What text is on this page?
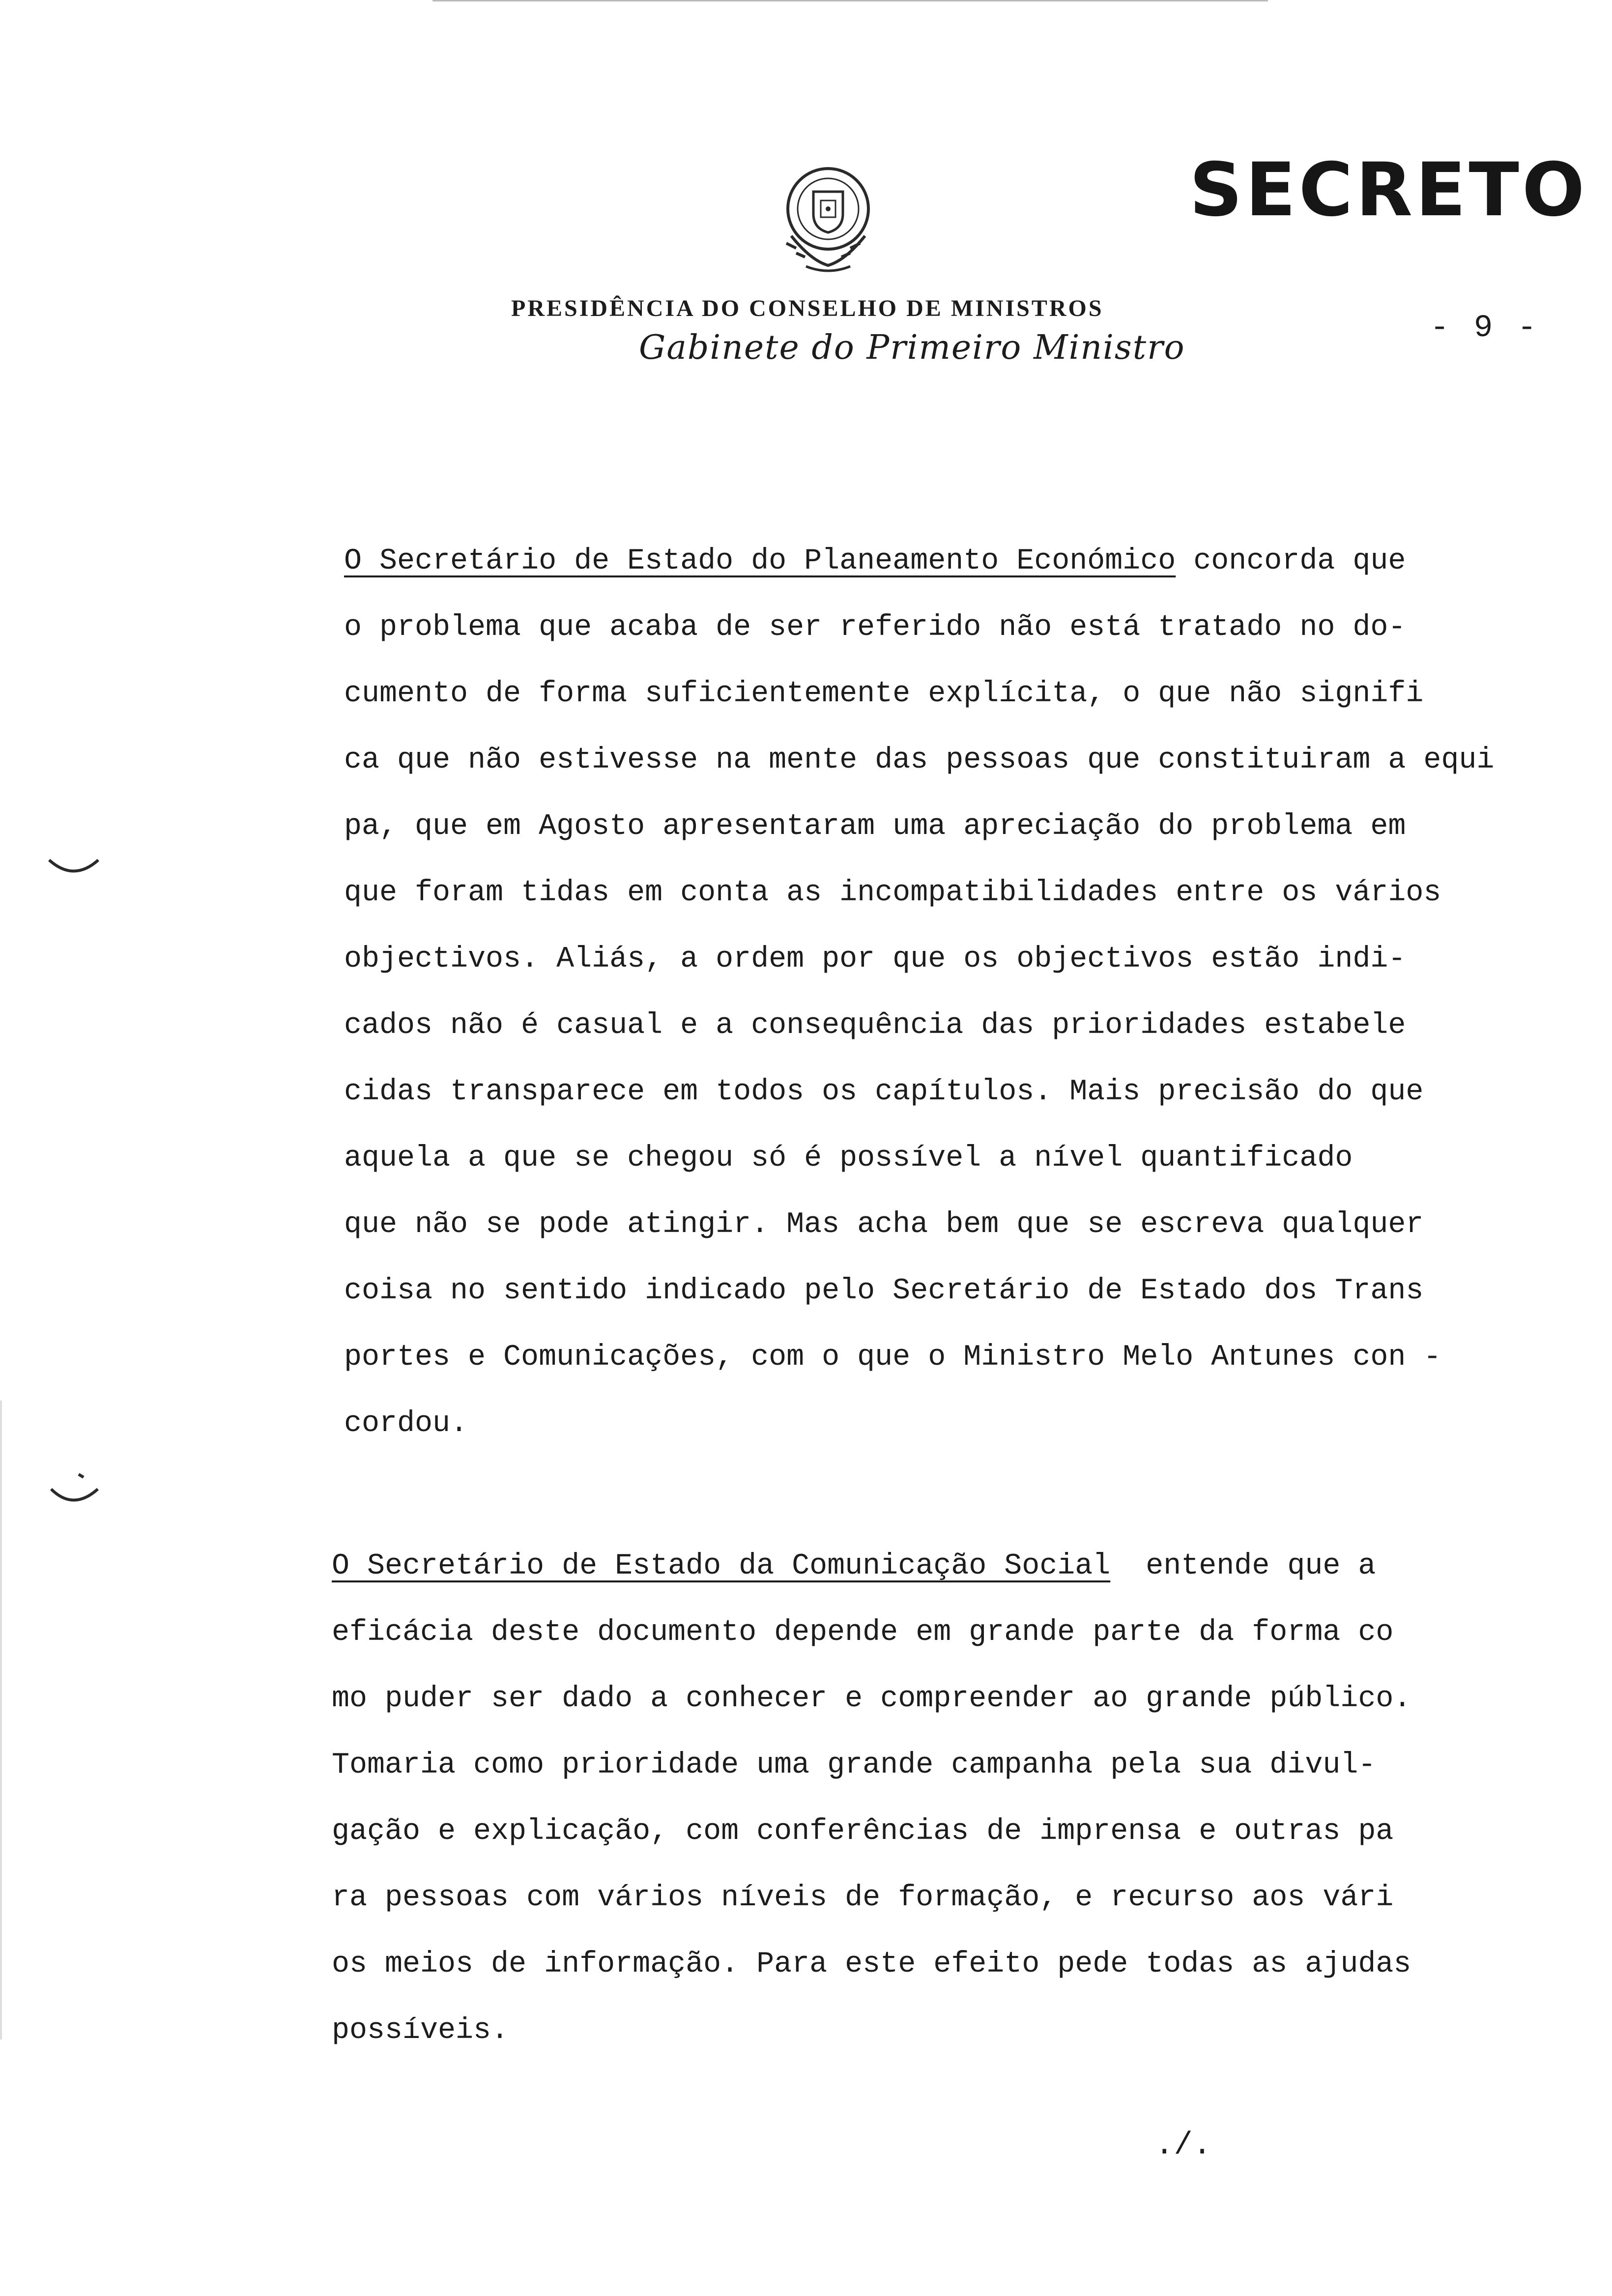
SECRETO
PRESIDÊNCIA DO CONSELHO DE MINISTROS
Gabinete do Primeiro Ministro	- 9 -
O Secretário de Estado do Planeamento Económico concorda que
o problema que acaba de ser referido não está tratado no do-
cumento de forma suficientemente explícita, o que não signifi
ca que não estivesse na mente das pessoas que constituiram a equi
pa, que em Agosto apresentaram uma apreciação do problema em
que foram tidas em conta as incompatibilidades entre os vários
objectivos. Aliás, a ordem por que os objectivos estão indi-
cados não é casual e a consequência das prioridades estabele
cidas transparece em todos os capítulos. Mais precisão do que
aquela a que se chegou só é possível a nível quantificado
que não se pode atingir. Mas acha bem que se escreva qualquer
coisa no sentido indicado pelo Secretário de Estado dos Trans
portes e Comunicações, com o que o Ministro Melo Antunes con -
cordou.
O Secretário de Estado da Comunicação Social  entende que a
eficácia deste documento depende em grande parte da forma co
mo puder ser dado a conhecer e compreender ao grande público.
Tomaria como prioridade uma grande campanha pela sua divul-
gação e explicação, com conferências de imprensa e outras pa
ra pessoas com vários níveis de formação, e recurso aos vári
os meios de informação. Para este efeito pede todas as ajudas
possíveis.
./.
